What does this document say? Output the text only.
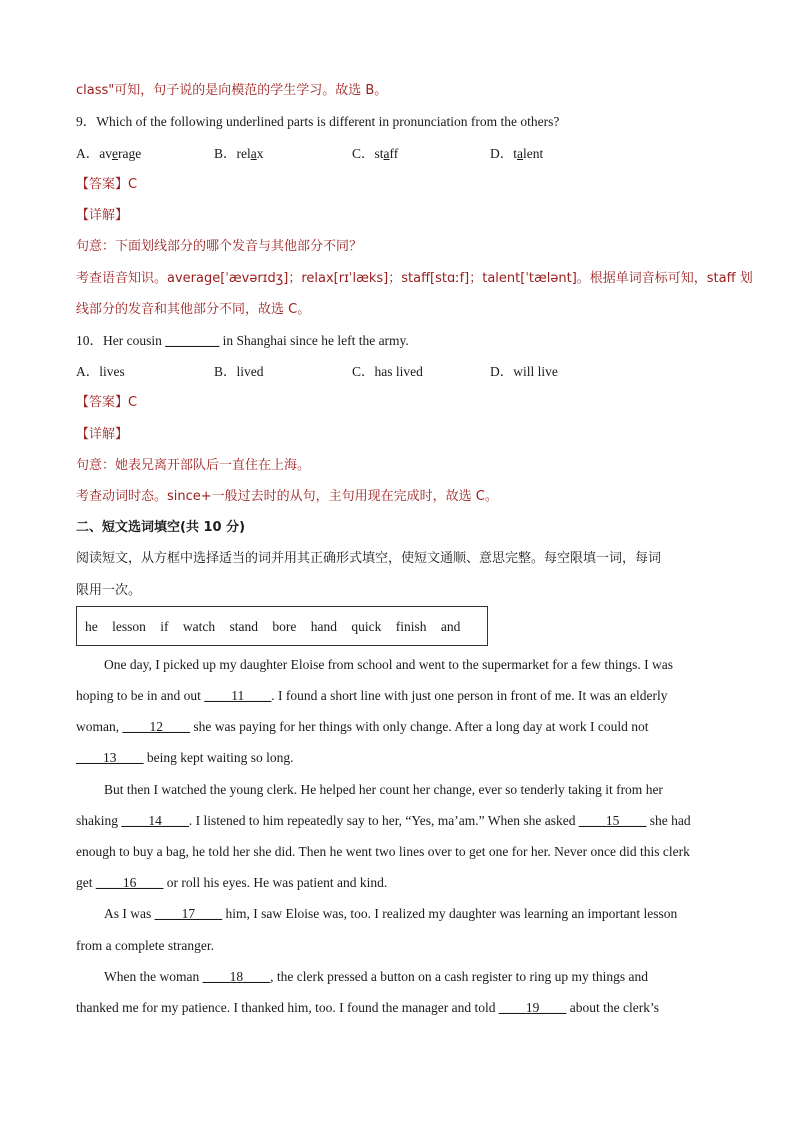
class"可知，句子说的是向模范的学生学习。故选 B。
9．Which of the following underlined parts is different in pronunciation from the others?
A．average	B．relax	C．staff	D．talent
【答案】C
【详解】
句意：下面划线部分的哪个发音与其他部分不同？
考查语音知识。average[ˈævərɪdʒ]；relax[rɪˈlæks]；staff[stɑːf]；talent[ˈtælənt]。根据单词音标可知，staff 划
线部分的发音和其他部分不同，故选 C。
10．Her cousin ________ in Shanghai since he left the army.
A．lives	B．lived	C．has lived	D．will live
【答案】C
【详解】
句意：她表兄离开部队后一直住在上海。
考查动词时态。since+一般过去时的从句，主句用现在完成时，故选 C。
二、短文选词填空(共 10 分)
阅读短文，从方框中选择适当的词并用其正确形式填空，使短文通顺、意思完整。每空限填一词，每词
限用一次。
he lesson if watch stand bore hand quick finish and
One day, I picked up my daughter Eloise from school and went to the supermarket for a few things. I was
hoping to be in and out ____11____. I found a short line with just one person in front of me. It was an elderly
woman, ____12____ she was paying for her things with only change. After a long day at work I could not
____13____ being kept waiting so long.
But then I watched the young clerk. He helped her count her change, ever so tenderly taking it from her
shaking ____14____. I listened to him repeatedly say to her, “Yes, ma’am.” When she asked ____15____ she had
enough to buy a bag, he told her she did. Then he went two lines over to get one for her. Never once did this clerk
get ____16____ or roll his eyes. He was patient and kind.
As I was ____17____ him, I saw Eloise was, too. I realized my daughter was learning an important lesson
from a complete stranger.
When the woman ____18____, the clerk pressed a button on a cash register to ring up my things and
thanked me for my patience. I thanked him, too. I found the manager and told ____19____ about the clerk’s
